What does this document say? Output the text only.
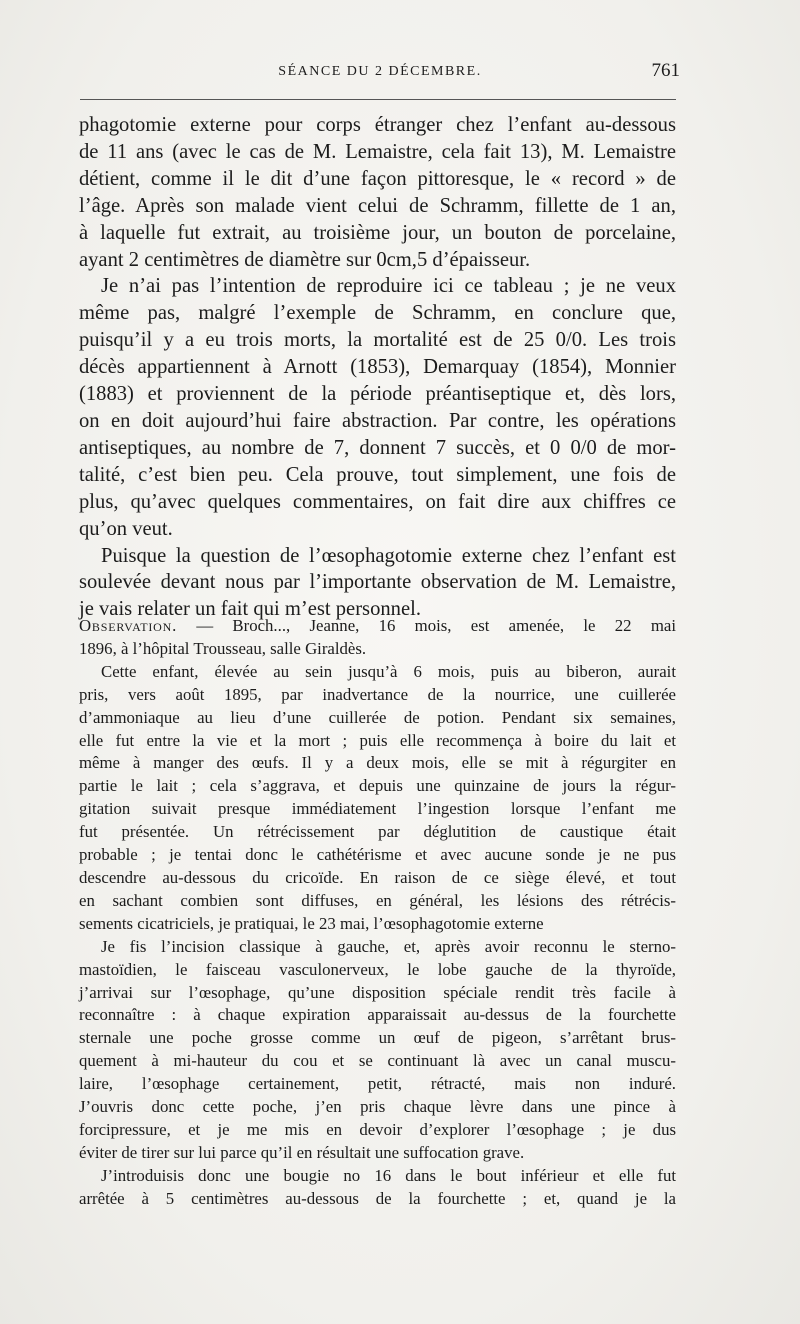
SÉANCE DU 2 DÉCEMBRE.	761

phagotomie externe pour corps étranger chez l’enfant au-dessous
de 11 ans (avec le cas de M. Lemaistre, cela fait 13), M. Lemaistre
détient, comme il le dit d’une façon pittoresque, le « record » de
l’âge. Après son malade vient celui de Schramm, fillette de 1 an,
à laquelle fut extrait, au troisième jour, un bouton de porcelaine,
ayant 2 centimètres de diamètre sur 0cm,5 d’épaisseur.

Je n’ai pas l’intention de reproduire ici ce tableau ; je ne veux
même pas, malgré l’exemple de Schramm, en conclure que,
puisqu’il y a eu trois morts, la mortalité est de 25 0/0. Les trois
décès appartiennent à Arnott (1853), Demarquay (1854), Monnier
(1883) et proviennent de la période préantiseptique et, dès lors,
on en doit aujourd’hui faire abstraction. Par contre, les opérations
antiseptiques, au nombre de 7, donnent 7 succès, et 0 0/0 de mor-
talité, c’est bien peu. Cela prouve, tout simplement, une fois de
plus, qu’avec quelques commentaires, on fait dire aux chiffres ce
qu’on veut.

Puisque la question de l’œsophagotomie externe chez l’enfant est
soulevée devant nous par l’importante observation de M. Lemaistre,
je vais relater un fait qui m’est personnel.

Observation. — Broch..., Jeanne, 16 mois, est amenée, le 22 mai
1896, à l’hôpital Trousseau, salle Giraldès.

Cette enfant, élevée au sein jusqu’à 6 mois, puis au biberon, aurait
pris, vers août 1895, par inadvertance de la nourrice, une cuillerée
d’ammoniaque au lieu d’une cuillerée de potion. Pendant six semaines,
elle fut entre la vie et la mort ; puis elle recommença à boire du lait et
même à manger des œufs. Il y a deux mois, elle se mit à régurgiter en
partie le lait ; cela s’aggrava, et depuis une quinzaine de jours la régur-
gitation suivait presque immédiatement l’ingestion lorsque l’enfant me
fut présentée. Un rétrécissement par déglutition de caustique était
probable ; je tentai donc le cathétérisme et avec aucune sonde je ne pus
descendre au-dessous du cricoïde. En raison de ce siège élevé, et tout
en sachant combien sont diffuses, en général, les lésions des rétrécis-
sements cicatriciels, je pratiquai, le 23 mai, l’œsophagotomie externe

Je fis l’incision classique à gauche, et, après avoir reconnu le sterno-
mastoïdien, le faisceau vasculonerveux, le lobe gauche de la thyroïde,
j’arrivai sur l’œsophage, qu’une disposition spéciale rendit très facile à
reconnaître : à chaque expiration apparaissait au-dessus de la fourchette
sternale une poche grosse comme un œuf de pigeon, s’arrêtant brus-
quement à mi-hauteur du cou et se continuant là avec un canal muscu-
laire, l’œsophage certainement, petit, rétracté, mais non induré.
J’ouvris donc cette poche, j’en pris chaque lèvre dans une pince à
forcipressure, et je me mis en devoir d’explorer l’œsophage ; je dus
éviter de tirer sur lui parce qu’il en résultait une suffocation grave.

J’introduisis donc une bougie no 16 dans le bout inférieur et elle fut
arrêtée à 5 centimètres au-dessous de la fourchette ; et, quand je la
